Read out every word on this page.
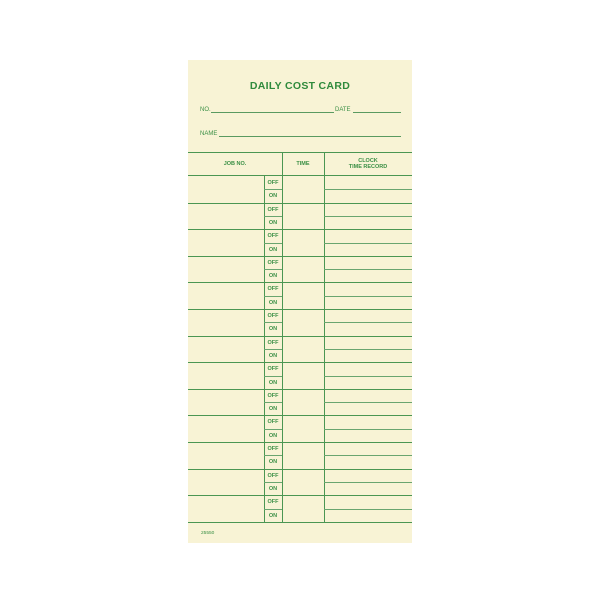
DAILY COST CARD
NO.	DATE
NAME
JOB NO.	TIME	CLOCK
TIME RECORD
25550
OFF
ON
OFF
ON
OFF
ON
OFF
ON
OFF
ON
OFF
ON
OFF
ON
OFF
ON
OFF
ON
OFF
ON
OFF
ON
OFF
ON
OFF
ON
